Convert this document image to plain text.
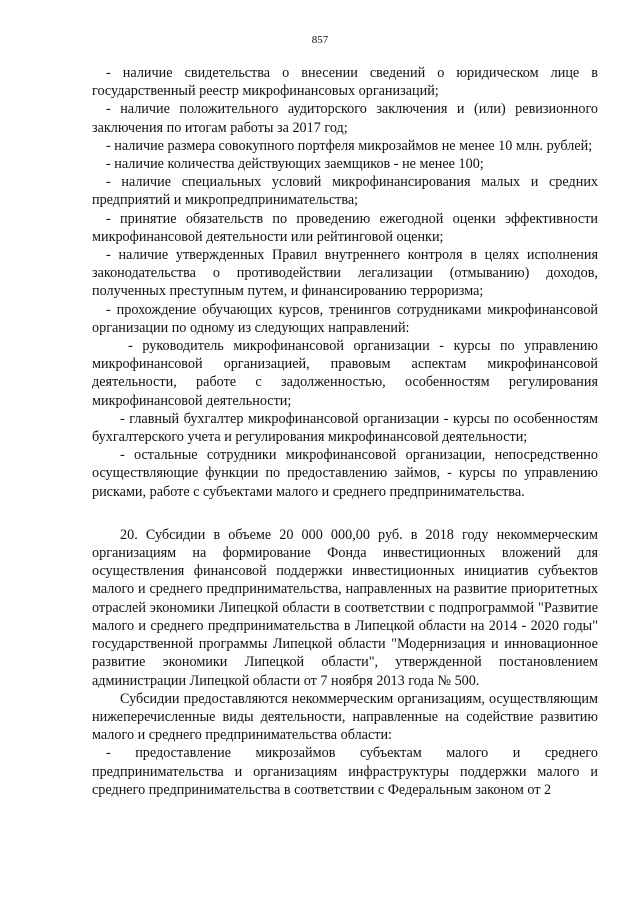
857

- наличие свидетельства о внесении сведений о юридическом лице в государственный реестр микрофинансовых организаций;

- наличие положительного аудиторского заключения и (или) ревизионного заключения по итогам работы за 2017 год;

- наличие размера совокупного портфеля микрозаймов не менее 10 млн. рублей;

- наличие количества действующих заемщиков - не менее 100;

- наличие специальных условий микрофинансирования малых и средних предприятий и микропредпринимательства;

- принятие обязательств по проведению ежегодной оценки эффективности микрофинансовой деятельности или рейтинговой оценки;

- наличие утвержденных Правил внутреннего контроля в целях исполнения законодательства о противодействии легализации (отмыванию) доходов, полученных преступным путем, и финансированию терроризма;

- прохождение обучающих курсов, тренингов сотрудниками микрофинансовой организации по одному из следующих направлений:

- руководитель микрофинансовой организации - курсы по управлению микрофинансовой организацией, правовым аспектам микрофинансовой деятельности, работе с задолженностью, особенностям регулирования микрофинансовой деятельности;

- главный бухгалтер микрофинансовой организации - курсы по особенностям бухгалтерского учета и регулирования микрофинансовой деятельности;

- остальные сотрудники микрофинансовой организации, непосредственно осуществляющие функции по предоставлению займов, - курсы по управлению рисками, работе с субъектами малого и среднего предпринимательства.

20. Субсидии в объеме 20 000 000,00 руб. в 2018 году некоммерческим организациям на формирование Фонда инвестиционных вложений для осуществления финансовой поддержки инвестиционных инициатив субъектов малого и среднего предпринимательства, направленных на развитие приоритетных отраслей экономики Липецкой области в соответствии с подпрограммой "Развитие малого и среднего предпринимательства в Липецкой области на 2014 - 2020 годы" государственной программы Липецкой области "Модернизация и инновационное развитие экономики Липецкой области", утвержденной постановлением администрации Липецкой области от 7 ноября 2013 года № 500.

Субсидии предоставляются некоммерческим организациям, осуществляющим нижеперечисленные виды деятельности, направленные на содействие развитию малого и среднего предпринимательства области:

- предоставление микрозаймов субъектам малого и среднего предпринимательства и организациям инфраструктуры поддержки малого и среднего предпринимательства в соответствии с Федеральным законом от 2
